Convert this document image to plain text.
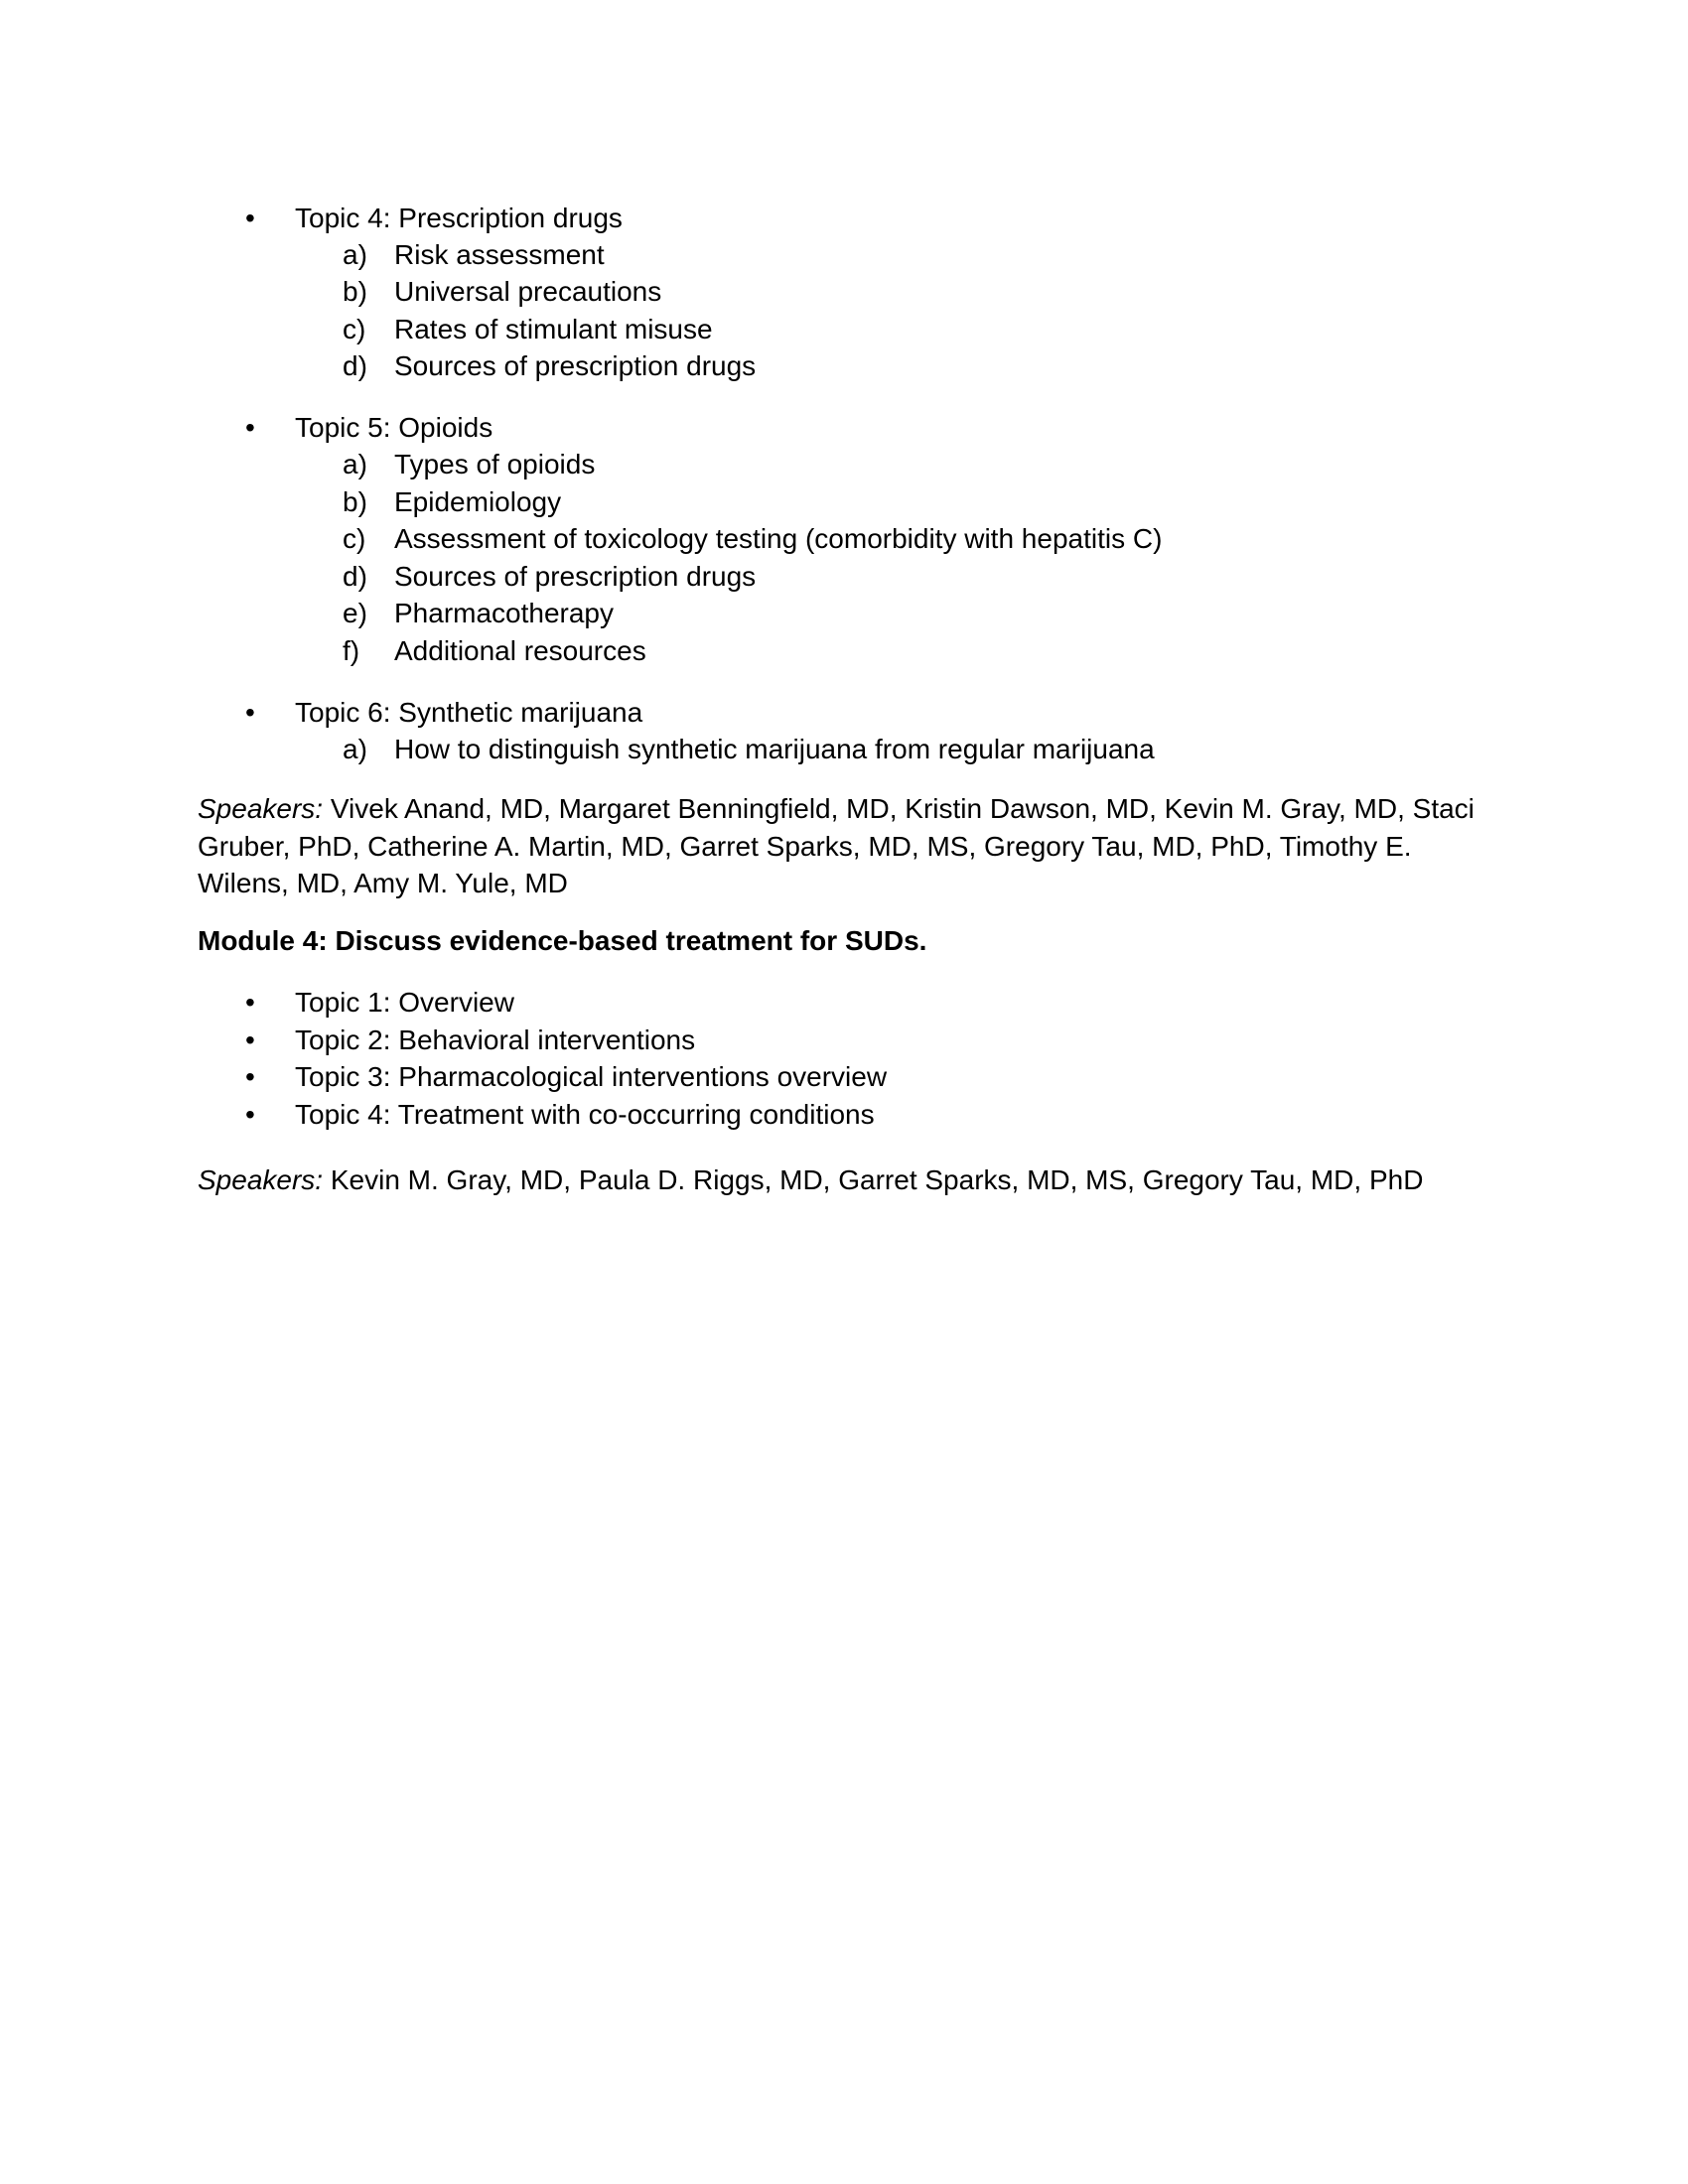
• Topic 4: Prescription drugs
a) Risk assessment
b) Universal precautions
c) Rates of stimulant misuse
d) Sources of prescription drugs
• Topic 5: Opioids
a) Types of opioids
b) Epidemiology
c) Assessment of toxicology testing (comorbidity with hepatitis C)
d) Sources of prescription drugs
e) Pharmacotherapy
f) Additional resources
• Topic 6: Synthetic marijuana
a) How to distinguish synthetic marijuana from regular marijuana
Speakers: Vivek Anand, MD, Margaret Benningfield, MD, Kristin Dawson, MD, Kevin M. Gray, MD, Staci Gruber, PhD, Catherine A. Martin, MD, Garret Sparks, MD, MS, Gregory Tau, MD, PhD, Timothy E. Wilens, MD, Amy M. Yule, MD
Module 4: Discuss evidence-based treatment for SUDs.
• Topic 1: Overview
• Topic 2: Behavioral interventions
• Topic 3: Pharmacological interventions overview
• Topic 4: Treatment with co-occurring conditions
Speakers: Kevin M. Gray, MD, Paula D. Riggs, MD, Garret Sparks, MD, MS, Gregory Tau, MD, PhD
